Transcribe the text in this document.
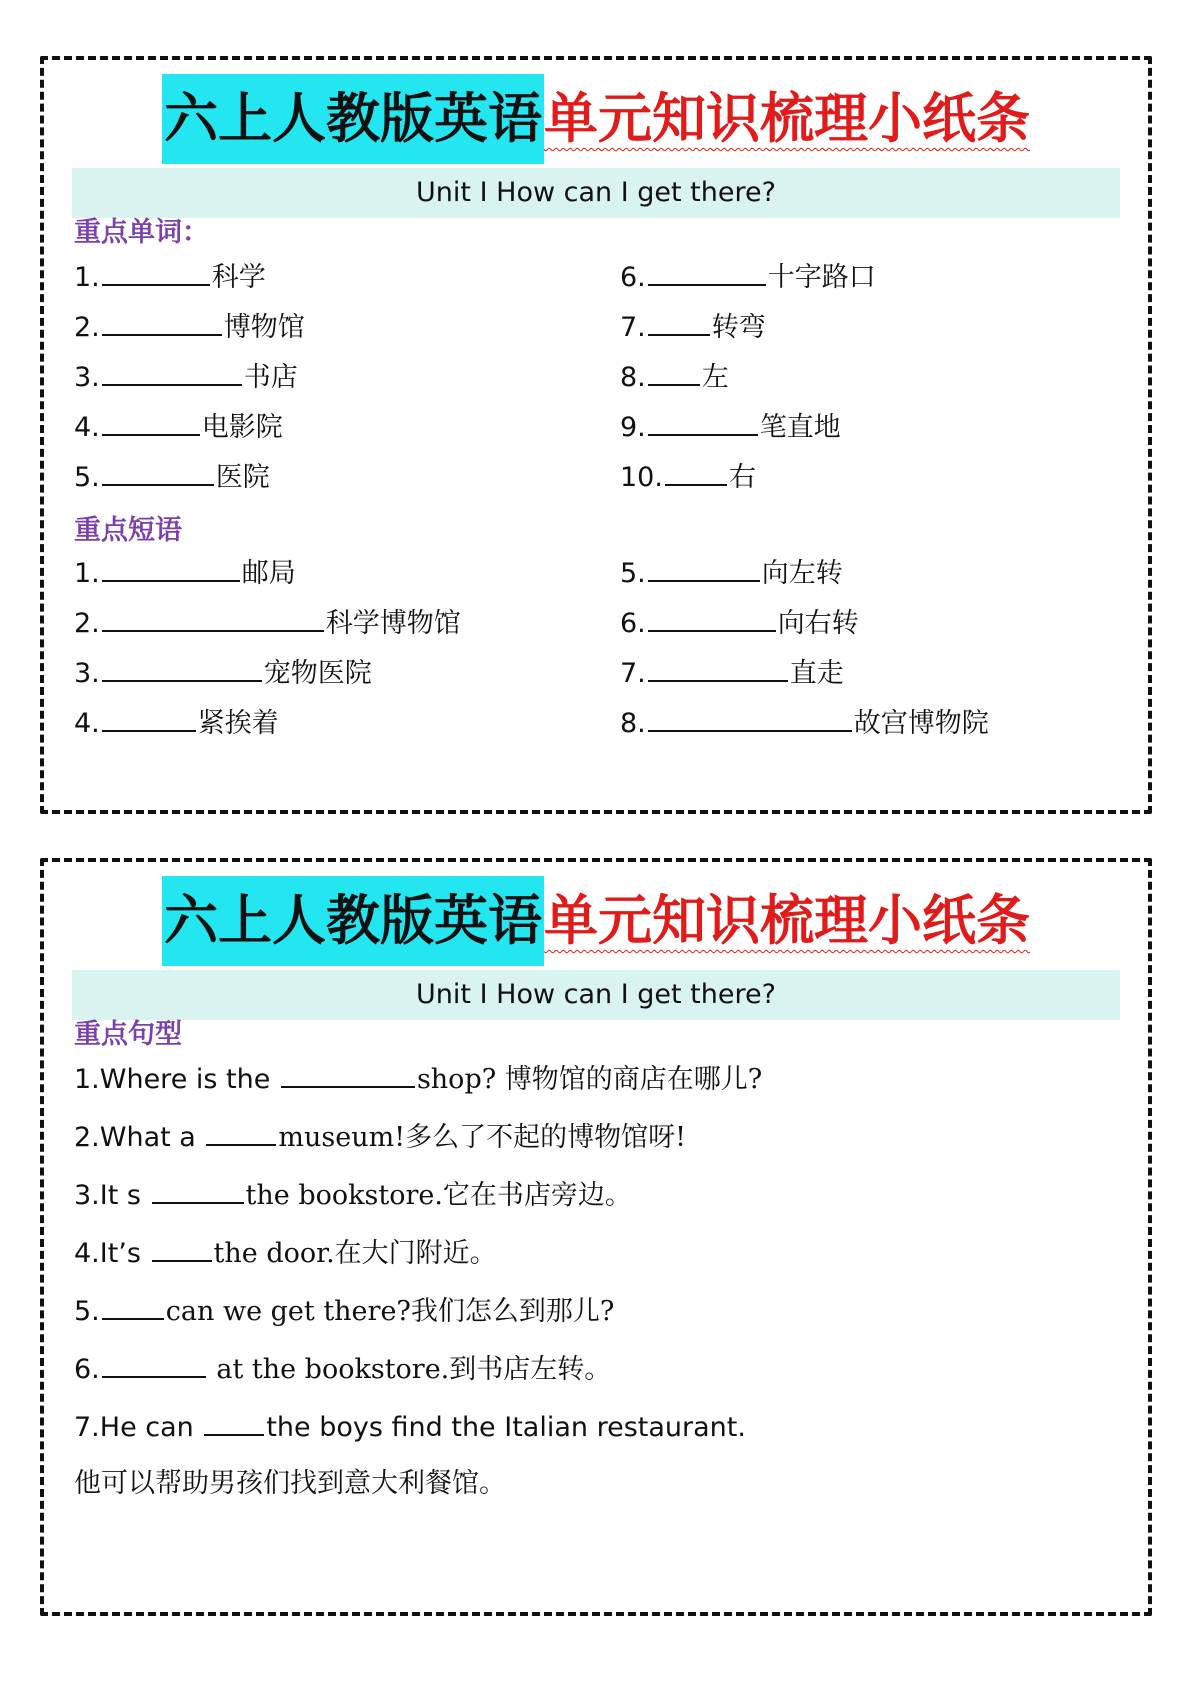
六上人教版英语单元知识梳理小纸条
Unit I How can I get there?
重点单词：
1.	科学
2.	博物馆
3.	书店
4.	电影院
5.	医院
6.	十字路口
7. 转弯
8. 左
9.	笔直地
10. 右
重点短语
1.	邮局
2.	科学博物馆
3.	宠物医院
4.	紧挨着
5.	向左转
6.	向右转
7.	直走
8.	故宫博物院
六上人教版英语单元知识梳理小纸条
Unit I How can I get there?
重点句型
1.Where is the	shop? 博物馆的商店在哪儿?
2.What a	museum!多么了不起的博物馆呀!
3.It s	the bookstore.它在书店旁边。
4.It’s the door.在大门附近。
5. can we get there?我们怎么到那儿?
6.	at the bookstore.到书店左转。
7.He can the boys find the Italian restaurant.
他可以帮助男孩们找到意大利餐馆。
